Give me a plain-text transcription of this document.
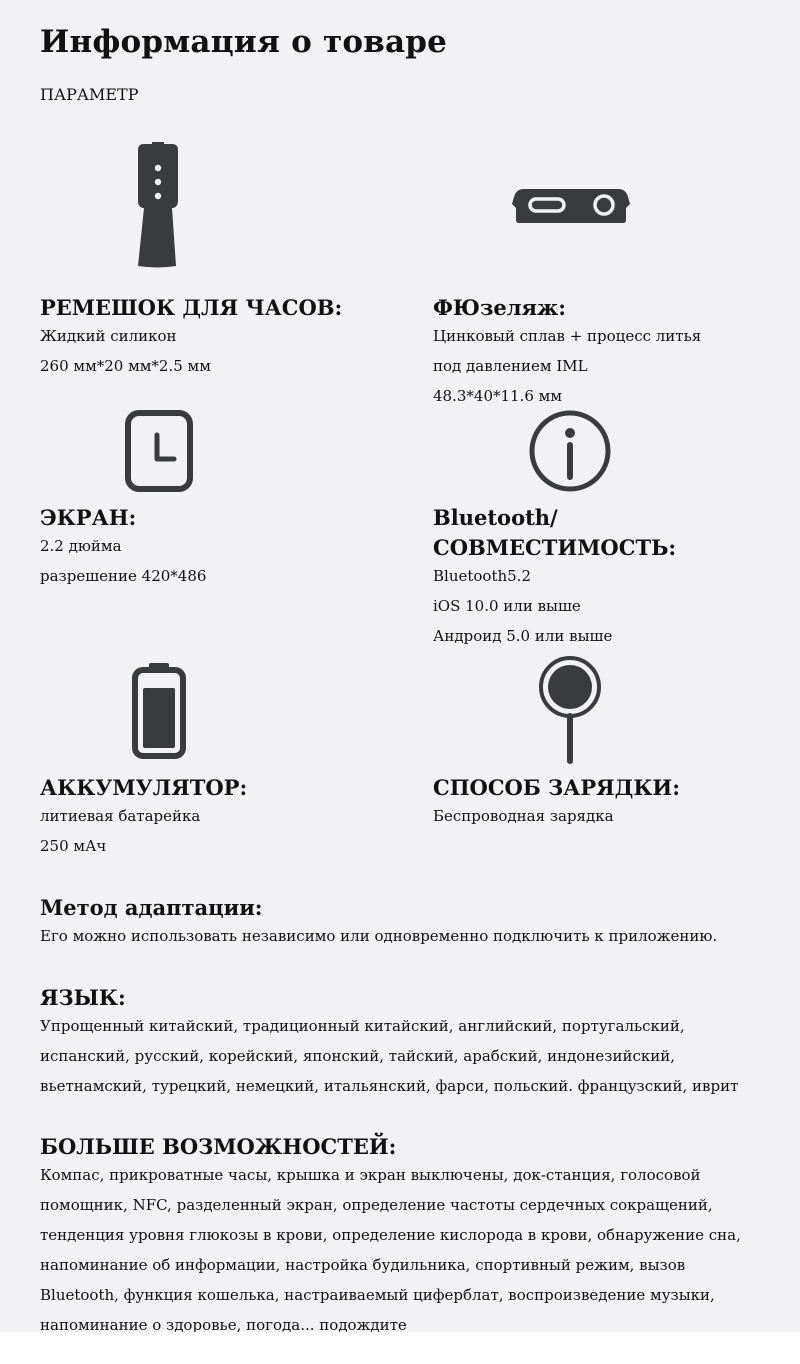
Информация о товаре
ПАРАМЕТР
РЕМЕШОК ДЛЯ ЧАСОВ:
Жидкий силикон
260 мм*20 мм*2.5 мм
ФЮзеляж:
Цинковый сплав + процесс литья
под давлением IML
48.3*40*11.6 мм
ЭКРАН:
2.2 дюйма
разрешение 420*486
Bluetooth/
СОВМЕСТИМОСТЬ:
Bluetooth5.2
iOS 10.0 или выше
Андроид 5.0 или выше
АККУМУЛЯТОР:
литиевая батарейка
250 мАч
СПОСОБ ЗАРЯДКИ:
Беспроводная зарядка
Метод адаптации:
Его можно использовать независимо или одновременно подключить к приложению.
ЯЗЫК:
Упрощенный китайский, традиционный китайский, английский, португальский,
испанский, русский, корейский, японский, тайский, арабский, индонезийский,
вьетнамский, турецкий, немецкий, итальянский, фарси, польский. французский, иврит
БОЛЬШЕ ВОЗМОЖНОСТЕЙ:
Компас, прикроватные часы, крышка и экран выключены, док-станция, голосовой
помощник, NFC, разделенный экран, определение частоты сердечных сокращений,
тенденция уровня глюкозы в крови, определение кислорода в крови, обнаружение сна,
напоминание об информации, настройка будильника, спортивный режим, вызов
Bluetooth, функция кошелька, настраиваемый циферблат, воспроизведение музыки,
напоминание о здоровье, погода... подождите
